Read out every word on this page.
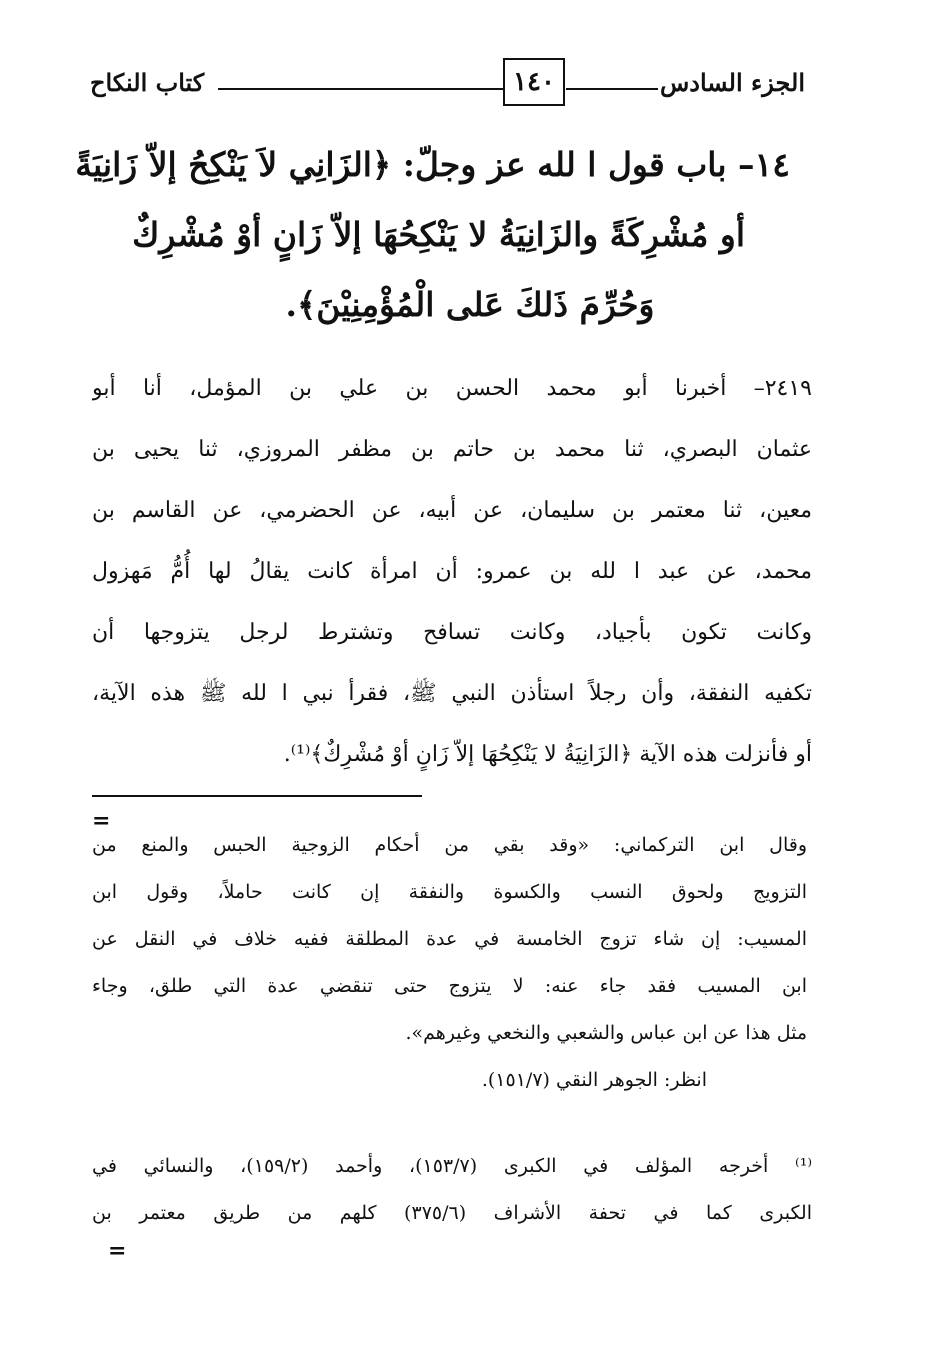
الجزء السادس
١٤٠
كتاب النكاح
١٤– باب قول ا لله عز وجلّ: ﴿الزَانِي لاَ يَنْكِحُ إلاّ زَانِيَةً
أو مُشْرِكَةً والزَانِيَةُ لا يَنْكِحُهَا إلاّ زَانٍ أوْ مُشْرِكٌ
وَحُرِّمَ ذَلكَ عَلى الْمُؤْمِنِيْنَ﴾.
٢٤١٩– أخبرنا أبو محمد الحسن بن علي بن المؤمل، أنا أبو
عثمان البصري، ثنا محمد بن حاتم بن مظفر المروزي، ثنا يحيى بن
معين، ثنا معتمر بن سليمان، عن أبيه، عن الحضرمي، عن القاسم بن
محمد، عن عبد ا لله بن عمرو: أن امرأة كانت يقالُ لها أُمُّ مَهزول
وكانت تكون بأجياد، وكانت تسافح وتشترط لرجل يتزوجها أن
تكفيه النفقة، وأن رجلاً استأذن النبي ﷺ، فقرأ نبي ا لله ﷺ هذه الآية،
أو فأنزلت هذه الآية ﴿الزَانِيَةُ لا يَنْكِحُهَا إلاّ زَانٍ أوْ مُشْرِكٌ﴾⁽¹⁾.
=
وقال ابن التركماني: «وقد بقي من أحكام الزوجية الحبس والمنع من
التزويج ولحوق النسب والكسوة والنفقة إن كانت حاملاً، وقول ابن
المسيب: إن شاء تزوج الخامسة في عدة المطلقة ففيه خلاف في النقل عن
ابن المسيب فقد جاء عنه: لا يتزوج حتى تنقضي عدة التي طلق، وجاء
مثل هذا عن ابن عباس والشعبي والنخعي وغيرهم».
انظر: الجوهر النقي (١٥١/٧).
⁽¹⁾ أخرجه المؤلف في الكبرى (١٥٣/٧)، وأحمد (١٥٩/٢)، والنسائي في
الكبرى كما في تحفة الأشراف (٣٧٥/٦) كلهم من طريق معتمر بن
=
